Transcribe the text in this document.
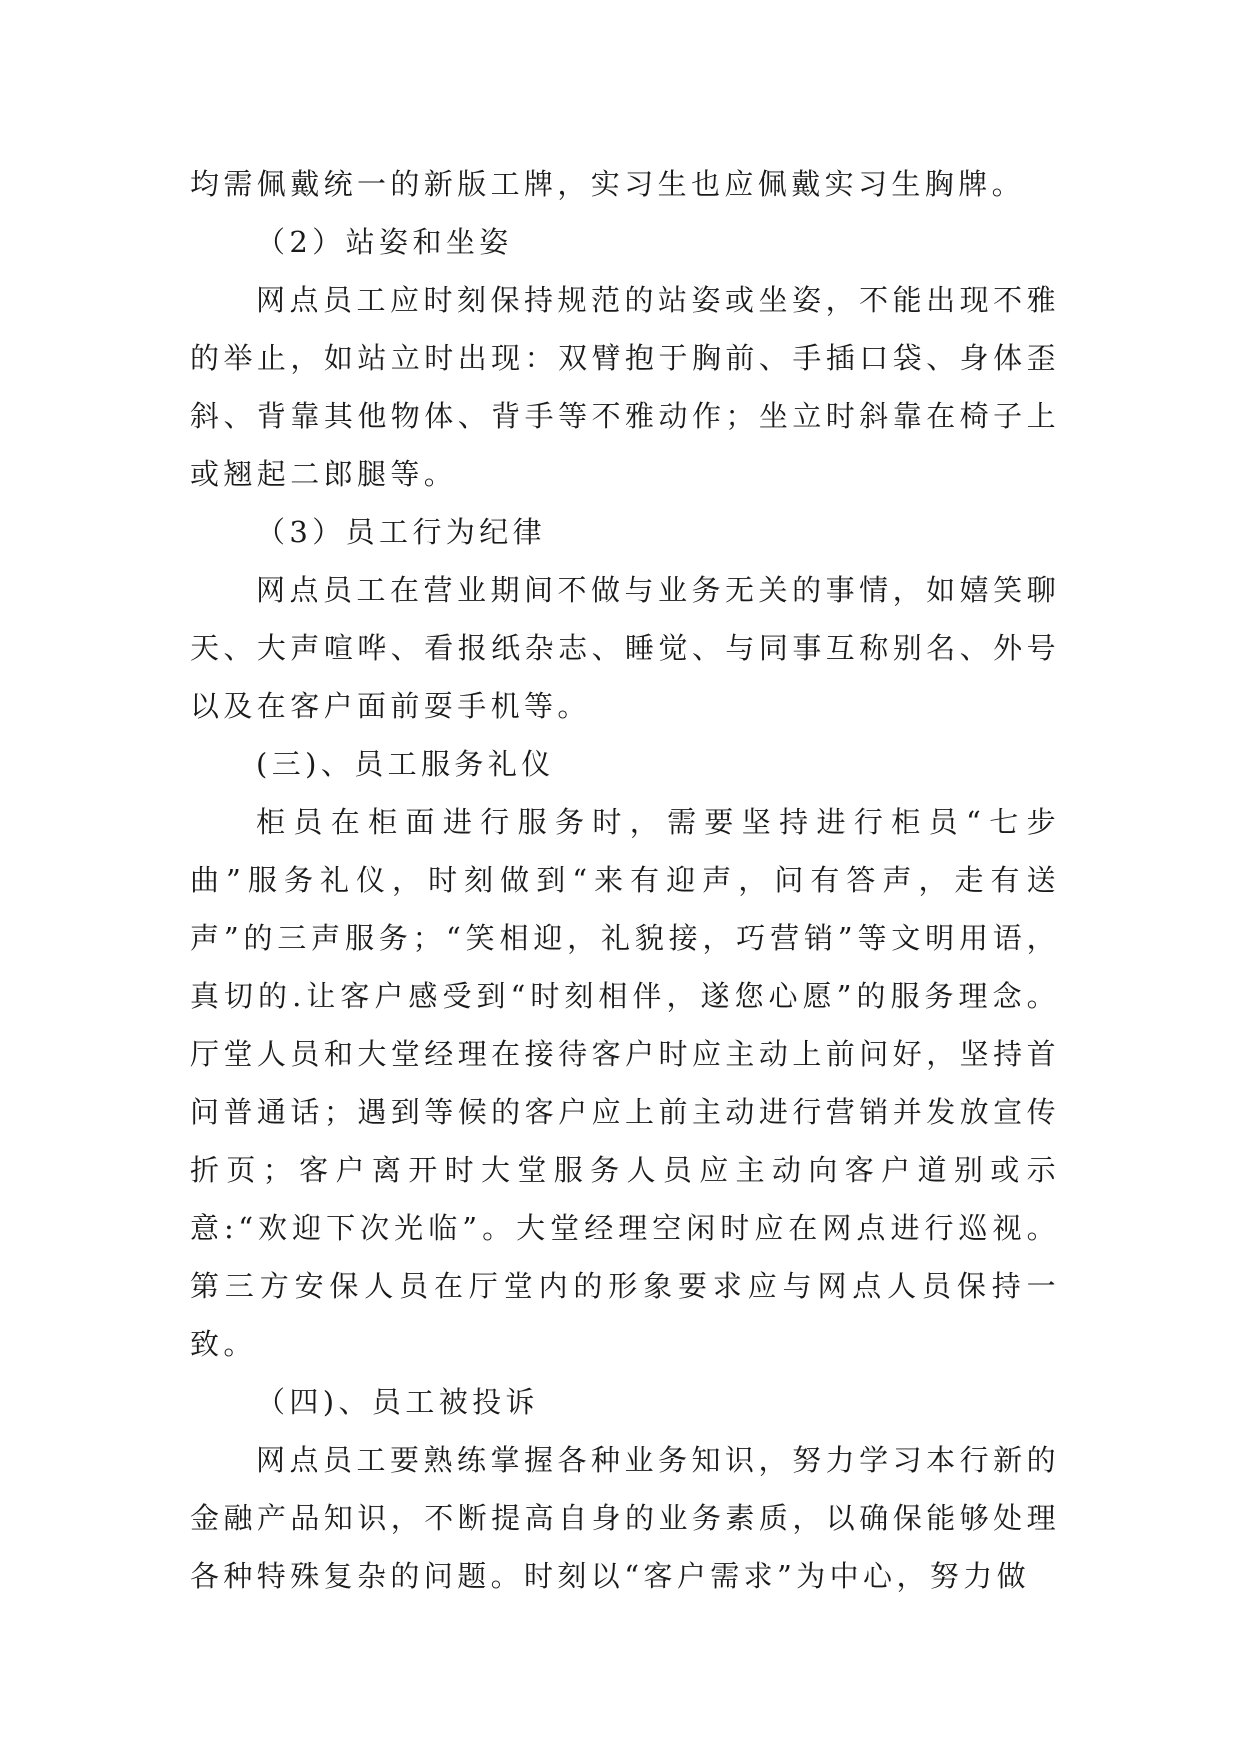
均需佩戴统一的新版工牌，实习生也应佩戴实习生胸牌。

（2）站姿和坐姿

网点员工应时刻保持规范的站姿或坐姿，不能出现不雅的举止，如站立时出现：双臂抱于胸前、手插口袋、身体歪斜、背靠其他物体、背手等不雅动作；坐立时斜靠在椅子上或翘起二郎腿等。

（3）员工行为纪律

网点员工在营业期间不做与业务无关的事情，如嬉笑聊天、大声喧哗、看报纸杂志、睡觉、与同事互称别名、外号以及在客户面前耍手机等。

(三)、员工服务礼仪

柜员在柜面进行服务时，需要坚持进行柜员“七步曲”服务礼仪，时刻做到“来有迎声，问有答声，走有送声”的三声服务；“笑相迎，礼貌接，巧营销”等文明用语，真切的.让客户感受到“时刻相伴，遂您心愿”的服务理念。厅堂人员和大堂经理在接待客户时应主动上前问好，坚持首问普通话；遇到等候的客户应上前主动进行营销并发放宣传折页；客户离开时大堂服务人员应主动向客户道别或示意:“欢迎下次光临”。大堂经理空闲时应在网点进行巡视。第三方安保人员在厅堂内的形象要求应与网点人员保持一致。

（四)、员工被投诉

网点员工要熟练掌握各种业务知识，努力学习本行新的金融产品知识，不断提高自身的业务素质，以确保能够处理各种特殊复杂的问题。时刻以“客户需求”为中心，努力做
